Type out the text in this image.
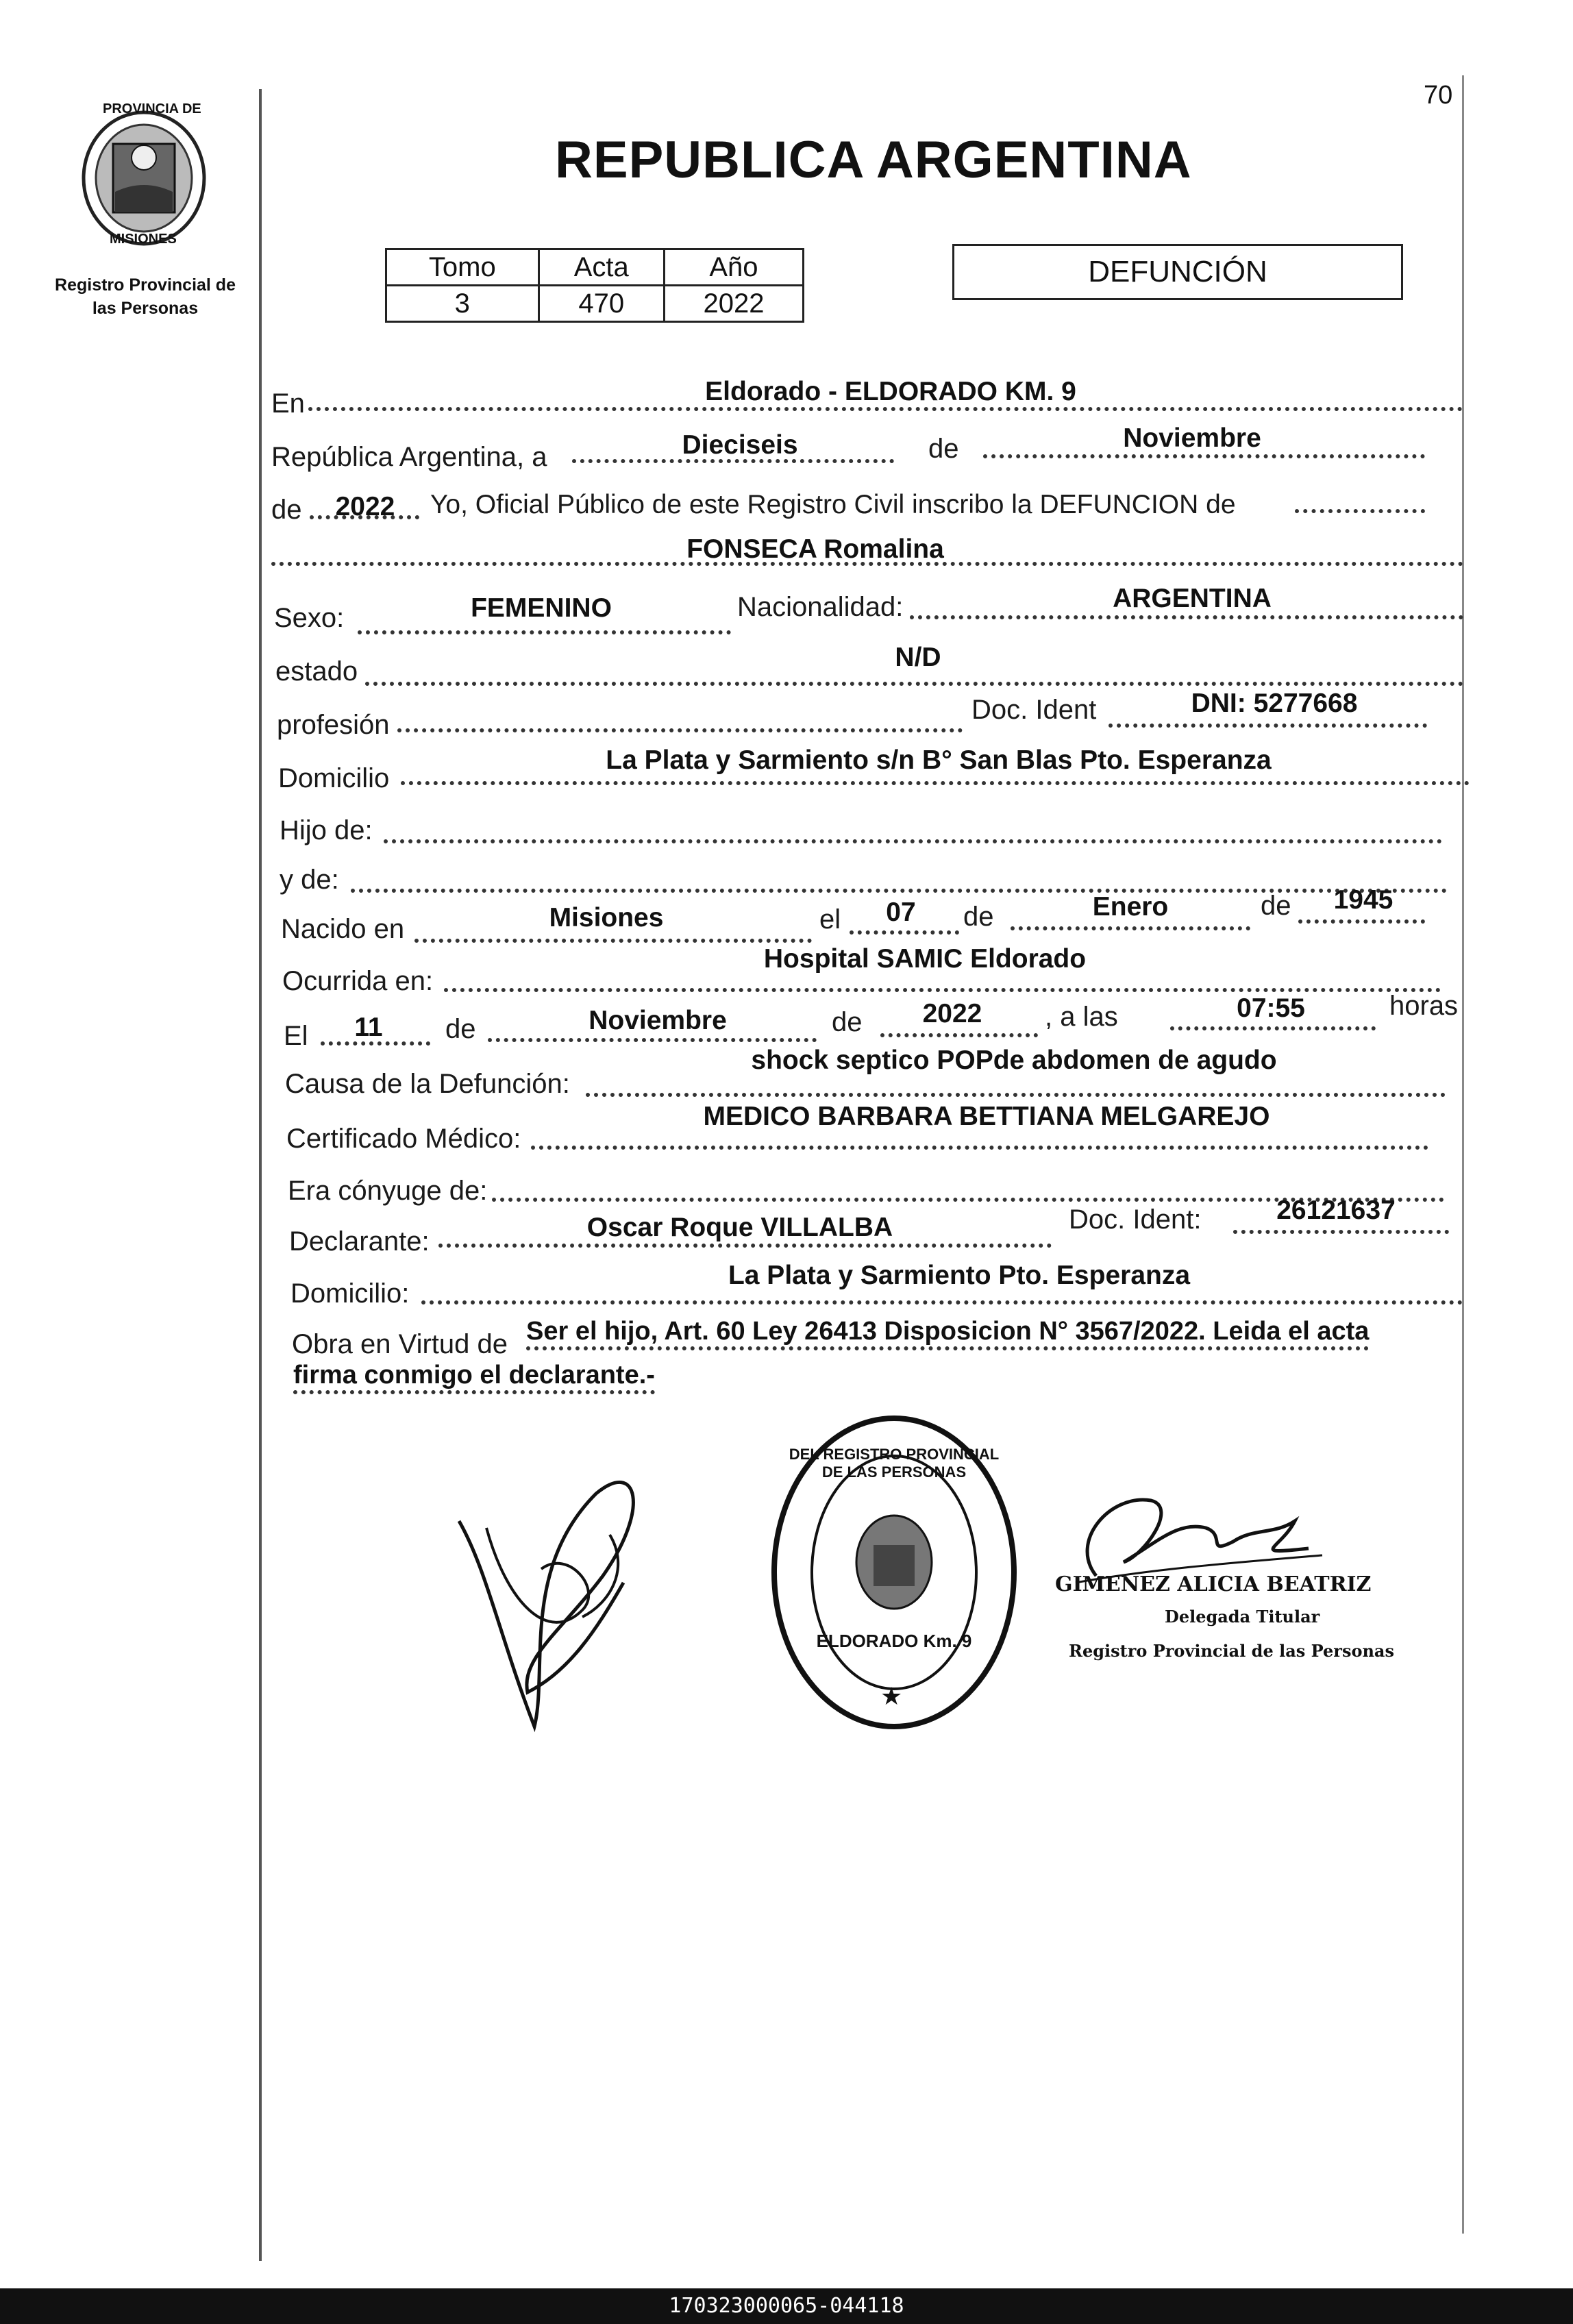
70
PROVINCIA DE
MISIONES
Registro Provincial de
las Personas
REPUBLICA ARGENTINA
Tomo	Acta	Año
3	470	2022
DEFUNCIÓN
En	Eldorado - ELDORADO KM. 9
República Argentina, a	Dieciseis	de	Noviembre
de	2022	Yo, Oficial Público de este Registro Civil inscribo la DEFUNCION de
FONSECA Romalina
Sexo:	FEMENINO	Nacionalidad:	ARGENTINA
estado	N/D
profesión	Doc. Ident	DNI: 5277668
Domicilio
La Plata y Sarmiento s/n B° San Blas Pto. Esperanza
Hijo de:
y de:
Nacido en	Misiones	el	07	de	Enero	de	1945
Ocurrida en:
Hospital SAMIC Eldorado
El	11	de	Noviembre	de	2022	, a las	07:55	horas
Causa de la Defunción:
shock septico POPde abdomen de agudo
Certificado Médico:
MEDICO BARBARA BETTIANA MELGAREJO
Era cónyuge de:
Declarante:	Oscar Roque VILLALBA	Doc. Ident:	26121637
Domicilio:
La Plata y Sarmiento Pto. Esperanza
Obra en Virtud de Ser el hijo, Art. 60 Ley 26413 Disposicion N° 3567/2022. Leida el acta
firma conmigo el declarante.-
DEL REGISTRO PROVINCIAL DE LAS PERSONAS
ELDORADO Km. 9
★
GIMENEZ ALICIA BEATRIZ
Delegada Titular
Registro Provincial de las Personas
170323000065-044118
